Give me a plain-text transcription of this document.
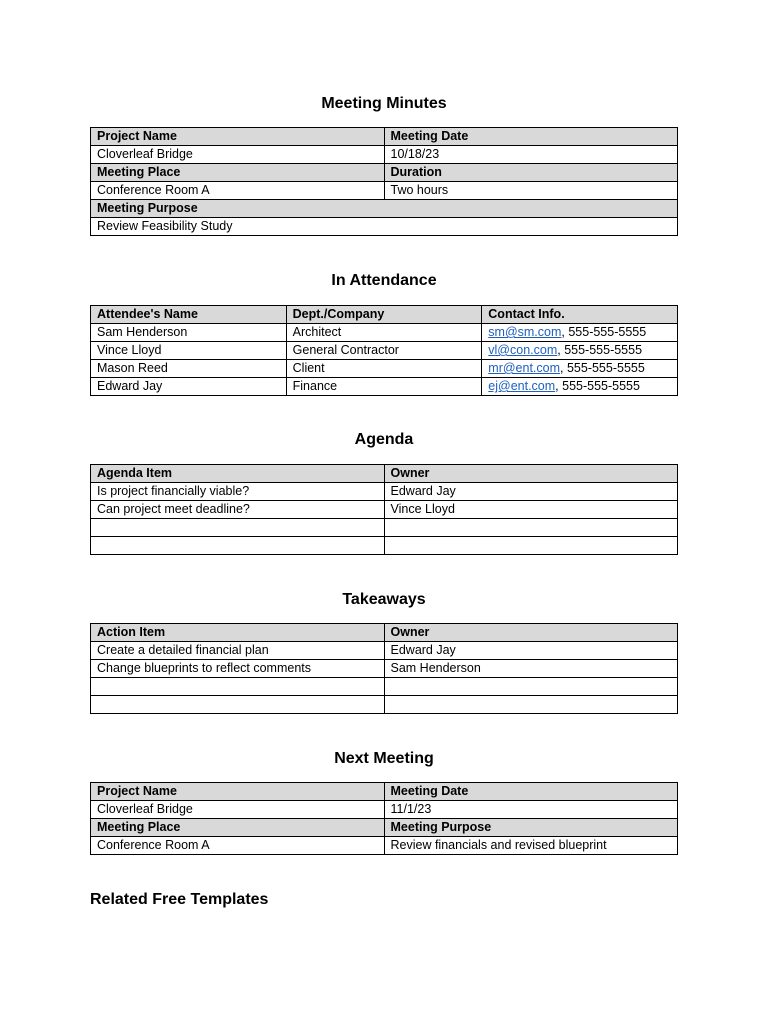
Meeting Minutes
Project Name	Meeting Date
Cloverleaf Bridge	10/18/23
Meeting Place	Duration
Conference Room A	Two hours
Meeting Purpose	
Review Feasibility Study	
In Attendance
Attendee's Name	Dept./Company	Contact Info.
Sam Henderson	Architect	sm@sm.com, 555-555-5555
Vince Lloyd	General Contractor	vl@con.com, 555-555-5555
Mason Reed	Client	mr@ent.com, 555-555-5555
Edward Jay	Finance	ej@ent.com, 555-555-5555
Agenda
Agenda Item	Owner
Is project financially viable?	Edward Jay
Can project meet deadline?	Vince Lloyd

Takeaways
Action Item	Owner
Create a detailed financial plan	Edward Jay
Change blueprints to reflect comments	Sam Henderson

Next Meeting
Project Name	Meeting Date
Cloverleaf Bridge	11/1/23
Meeting Place	Meeting Purpose
Conference Room A	Review financials and revised blueprint
Related Free Templates
